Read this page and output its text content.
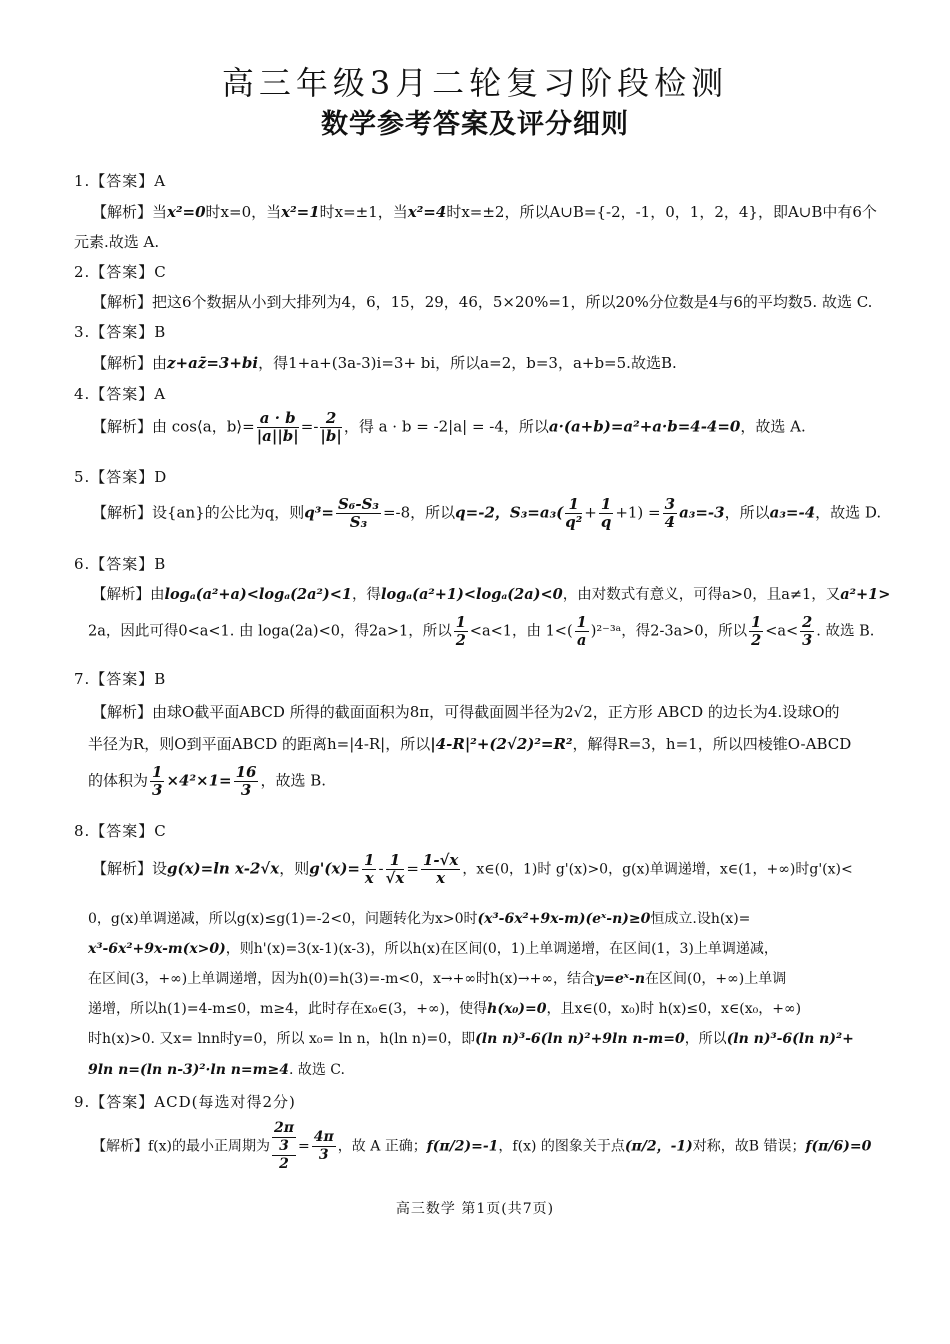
高三年级3月二轮复习阶段检测
数学参考答案及评分细则
1.【答案】A
【解析】当x²=0时x=0，当x²=1时x=±1，当x²=4时x=±2，所以A∪B={-2，-1，0，1，2，4}，即A∪B中有6个
元素.故选 A.
2.【答案】C
【解析】把这6个数据从小到大排列为4，6，15，29，46，5×20%=1，所以20%分位数是4与6的平均数5. 故选 C.
3.【答案】B
【解析】由z+az̄=3+bi，得1+a+(3a-3)i=3+ bi，所以a=2，b=3，a+b=5.故选B.
4.【答案】A
【解析】由 cos⟨a，b⟩= $\frac{a \cdot b}{|a||b|} =- \frac{2}{|b|}$ ，得 a · b = -2|a| = -4，所以a·(a+b)=a²+a·b=4-4=0，故选 A.
5.【答案】D
【解析】设{an}的公比为q，则$q^3= \frac{\text{S₆-S₃}}{\text{S₃}} =-8$，所以q=-2，$S_3=a_3( \frac{1}{\text{q²}} + \frac{1}{q} +1) = \frac{3}{4} a_3=-3$，所以a₃=-4，故选 D.
6.【答案】B
【解析】由logₐ(a²+a)<logₐ(2a²)<1，得logₐ(a²+1)<logₐ(2a)<0，由对数式有意义，可得a>0，且a≠1，又a²+1>
2a，因此可得0<a<1. 由 loga(2a)<0，得2a>1，所以 $\frac{1}{2} <a<1$，由 $1<( \frac{1}{a}$ )²⁻³ᵃ，得2-3a>0，所以 $\frac{1}{2} <a< \frac{2}{3}$ . 故选 B.
7.【答案】B
【解析】由球O截平面ABCD 所得的截面面积为8π，可得截面圆半径为2√2，正方形 ABCD 的边长为4.设球O的
半径为R，则O到平面ABCD 的距离h=|4-R|，所以|4-R|²+(2√2)²=R²，解得R=3，h=1，所以四棱锥O-ABCD
的体积为 $\frac{1}{3} \times 4^2\times 1= \frac{16}{3}$ ，故选 B.
8.【答案】C
【解析】设g(x)=ln x-2√x，则$g'(x)= \frac{1}{x} - \frac{1}{√x} = \frac{1-√x}{x}$ ，x∈(0，1)时 g'(x)>0，g(x)单调递增，x∈(1，+∞)时g'(x)<
0，g(x)单调递减，所以g(x)≤g(1)=-2<0，问题转化为x>0时(x³-6x²+9x-m)(eˣ-n)≥0恒成立.设h(x)=
x³-6x²+9x-m(x>0)，则h'(x)=3(x-1)(x-3)，所以h(x)在区间(0，1)上单调递增，在区间(1，3)上单调递减，
在区间(3，+∞)上单调递增，因为h(0)=h(3)=-m<0，x→+∞时h(x)→+∞，结合y=eˣ-n在区间(0，+∞)上单调
递增，所以h(1)=4-m≤0，m≥4，此时存在x₀∈(3，+∞)，使得h(x₀)=0，且x∈(0，x₀)时 h(x)≤0，x∈(x₀，+∞)
时h(x)>0. 又x= lnn时y=0，所以 x₀= ln n，h(ln n)=0，即(ln n)³-6(ln n)²+9ln n-m=0，所以(ln n)³-6(ln n)²+
9ln n=(ln n-3)²·ln n=m≥4. 故选 C.
9.【答案】ACD(每选对得2分)
【解析】f(x)的最小正周期为
2π
3
2
= $\frac{4\pi}{3}$ ，故 A 正确；f(π/2)=-1，f(x) 的图象关于点(π/2，-1)对称，故B 错误；f(π/6)=0
高三数学 第1页(共7页)
